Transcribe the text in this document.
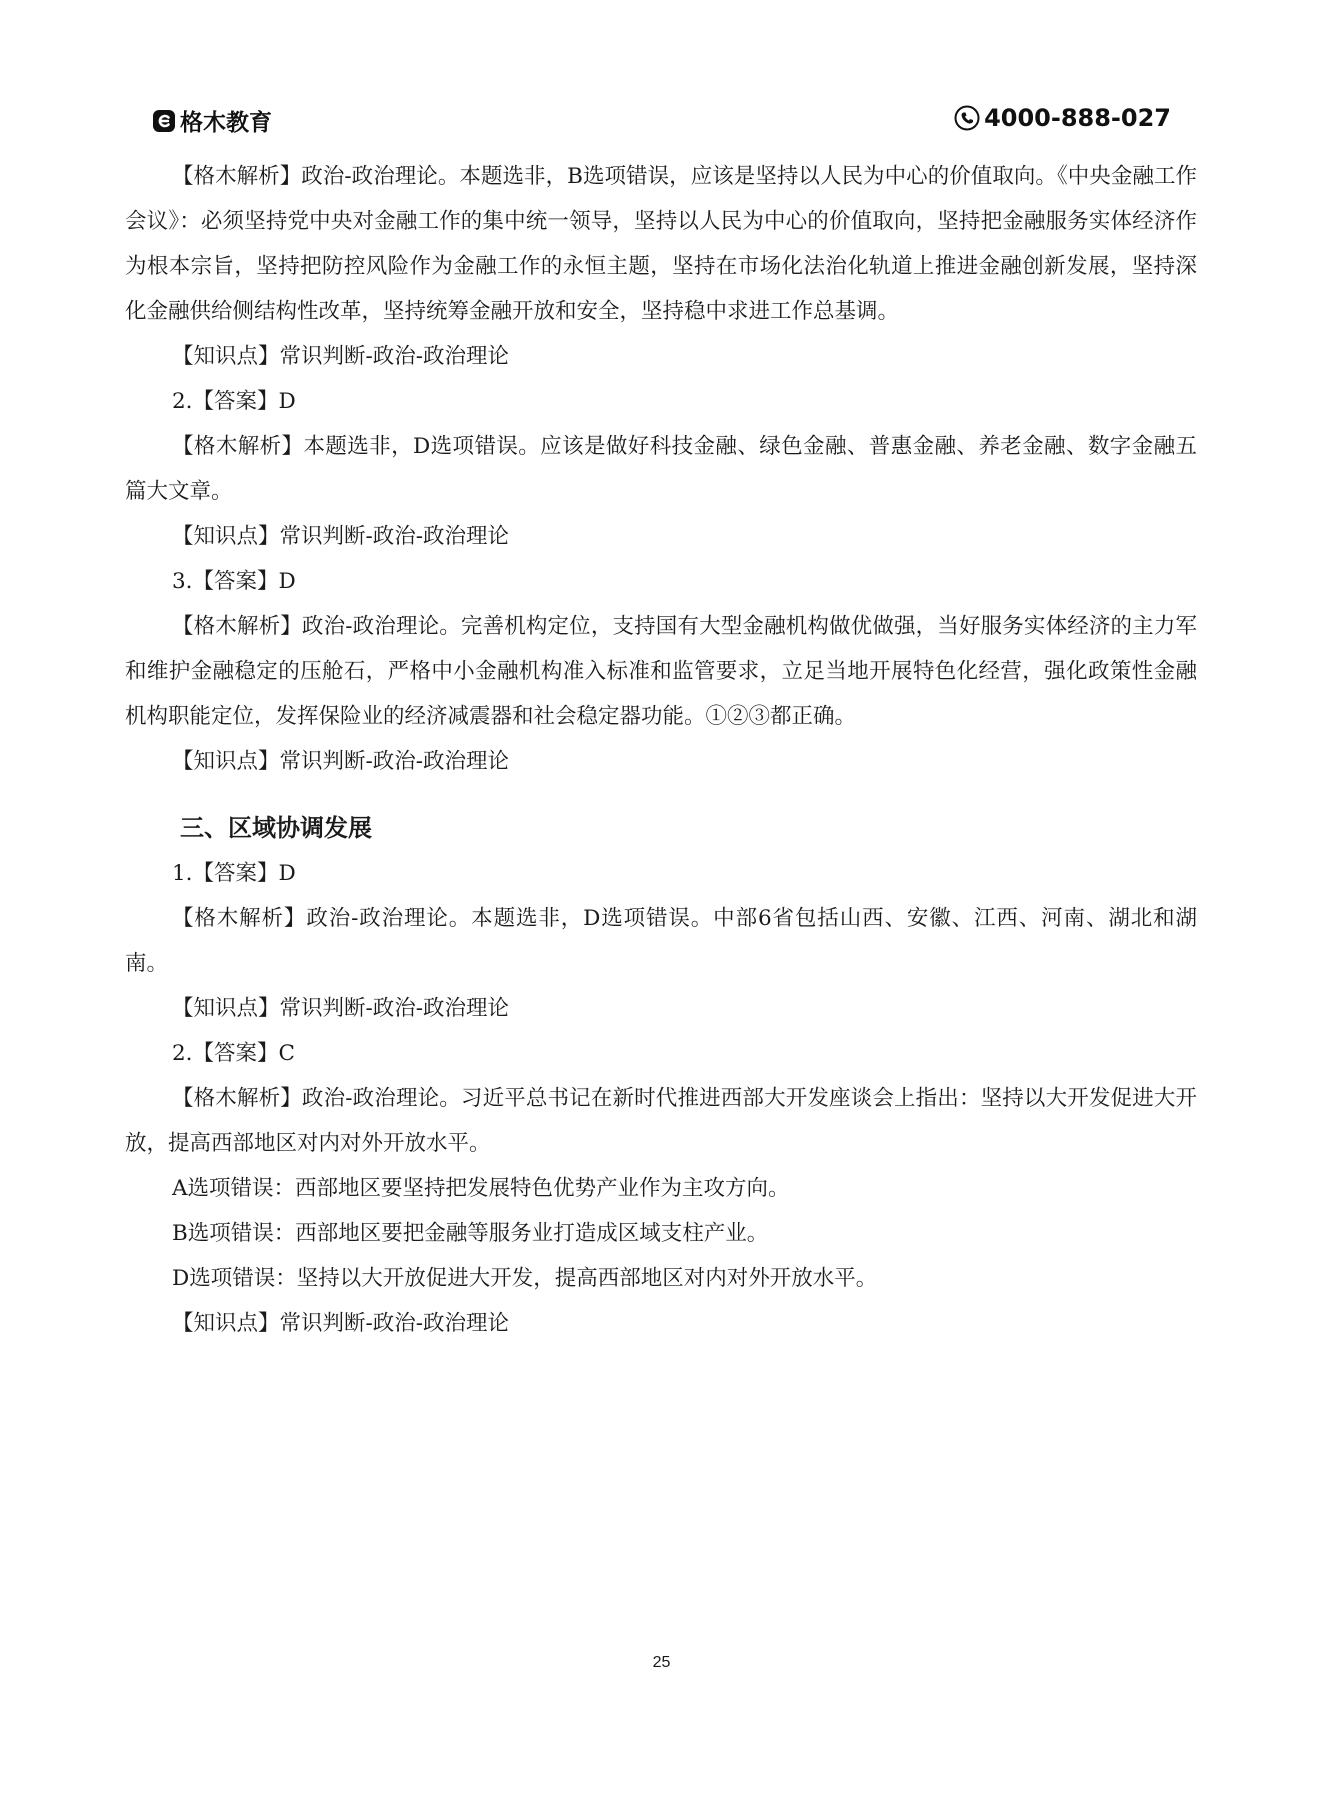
格木教育	4000-888-027

【格木解析】政治-政治理论。本题选非，B选项错误，应该是坚持以人民为中心的价值取向。《中央金融工作会议》：必须坚持党中央对金融工作的集中统一领导，坚持以人民为中心的价值取向，坚持把金融服务实体经济作为根本宗旨，坚持把防控风险作为金融工作的永恒主题，坚持在市场化法治化轨道上推进金融创新发展，坚持深化金融供给侧结构性改革，坚持统筹金融开放和安全，坚持稳中求进工作总基调。

【知识点】常识判断-政治-政治理论

2.【答案】D

【格木解析】本题选非，D选项错误。应该是做好科技金融、绿色金融、普惠金融、养老金融、数字金融五篇大文章。

【知识点】常识判断-政治-政治理论

3.【答案】D

【格木解析】政治-政治理论。完善机构定位，支持国有大型金融机构做优做强，当好服务实体经济的主力军和维护金融稳定的压舱石，严格中小金融机构准入标准和监管要求，立足当地开展特色化经营，强化政策性金融机构职能定位，发挥保险业的经济减震器和社会稳定器功能。①②③都正确。

【知识点】常识判断-政治-政治理论

三、区域协调发展

1.【答案】D

【格木解析】政治-政治理论。本题选非，D选项错误。中部6省包括山西、安徽、江西、河南、湖北和湖南。

【知识点】常识判断-政治-政治理论

2.【答案】C

【格木解析】政治-政治理论。习近平总书记在新时代推进西部大开发座谈会上指出：坚持以大开发促进大开放，提高西部地区对内对外开放水平。

A选项错误：西部地区要坚持把发展特色优势产业作为主攻方向。

B选项错误：西部地区要把金融等服务业打造成区域支柱产业。

D选项错误：坚持以大开放促进大开发，提高西部地区对内对外开放水平。

【知识点】常识判断-政治-政治理论

25
